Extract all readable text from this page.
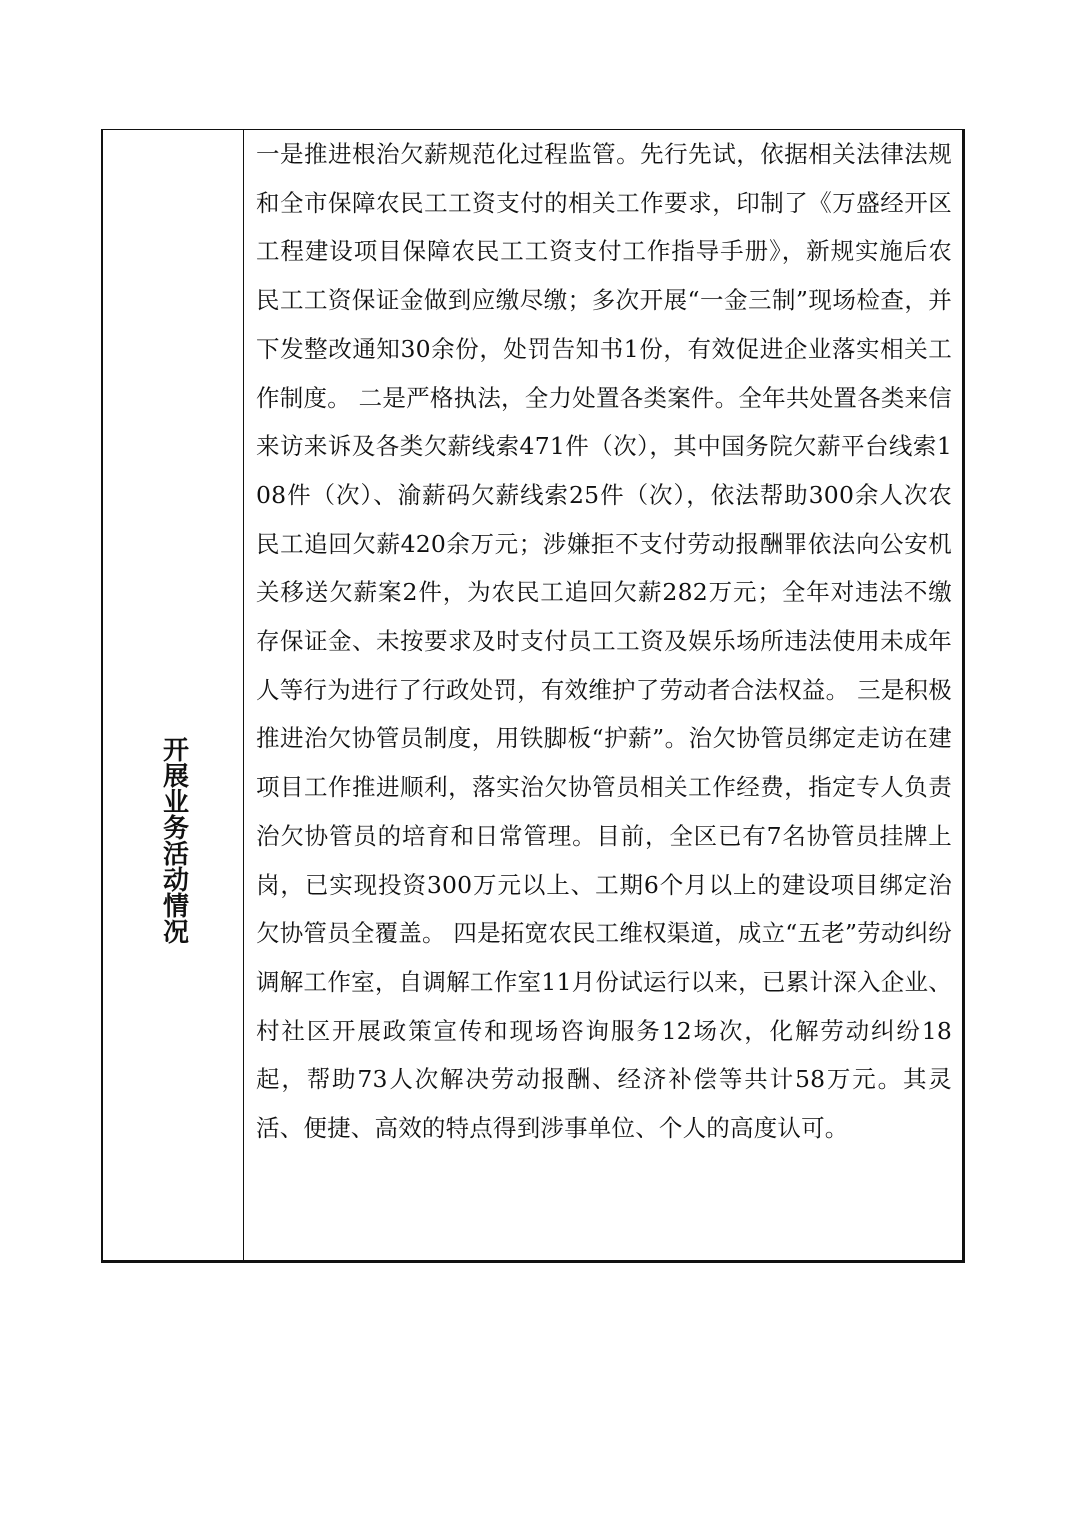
开展业务活动情况

一是推进根治欠薪规范化过程监管。先行先试，依据相关法律法规和全市保障农民工工资支付的相关工作要求，印制了《万盛经开区工程建设项目保障农民工工资支付工作指导手册》，新规实施后农民工工资保证金做到应缴尽缴；多次开展“一金三制”现场检查，并下发整改通知30余份，处罚告知书1份，有效促进企业落实相关工作制度。 二是严格执法，全力处置各类案件。全年共处置各类来信来访来诉及各类欠薪线索471件（次），其中国务院欠薪平台线索108件（次）、渝薪码欠薪线索25件（次），依法帮助300余人次农民工追回欠薪420余万元；涉嫌拒不支付劳动报酬罪依法向公安机关移送欠薪案2件，为农民工追回欠薪282万元；全年对违法不缴存保证金、未按要求及时支付员工工资及娱乐场所违法使用未成年人等行为进行了行政处罚，有效维护了劳动者合法权益。 三是积极推进治欠协管员制度，用铁脚板“护薪”。治欠协管员绑定走访在建项目工作推进顺利，落实治欠协管员相关工作经费，指定专人负责治欠协管员的培育和日常管理。目前，全区已有7名协管员挂牌上岗，已实现投资300万元以上、工期6个月以上的建设项目绑定治欠协管员全覆盖。 四是拓宽农民工维权渠道，成立“五老”劳动纠纷调解工作室，自调解工作室11月份试运行以来，已累计深入企业、村社区开展政策宣传和现场咨询服务12场次，化解劳动纠纷18起，帮助73人次解决劳动报酬、经济补偿等共计58万元。其灵活、便捷、高效的特点得到涉事单位、个人的高度认可。
